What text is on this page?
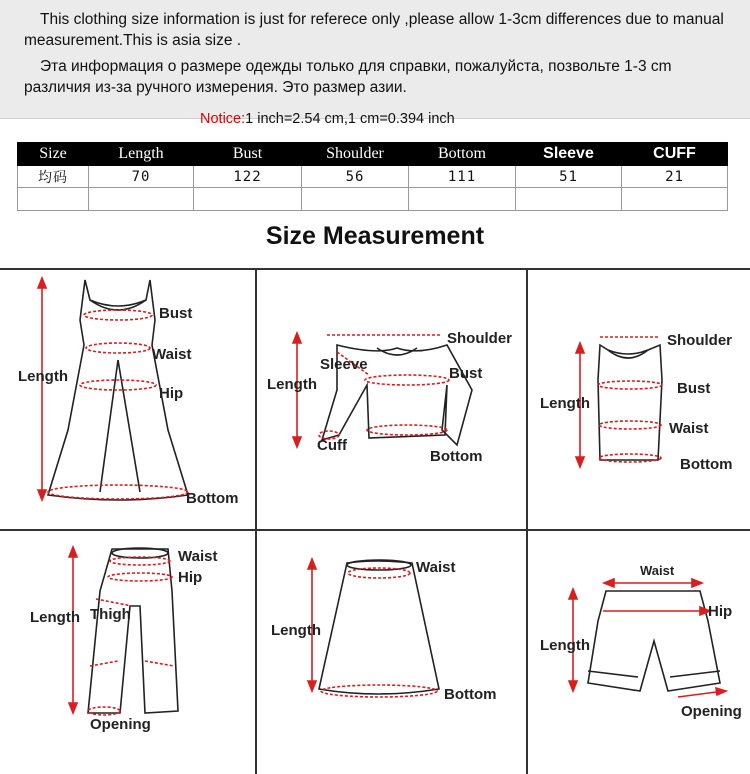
This clothing size information is just for referece only ,please allow 1-3cm differences due to manual measurement.This is asia size .
Эта информация о размере одежды только для справки, пожалуйста, позвольте 1-3 cm различия из-за ручного измерения. Это размер азии.
Notice:1 inch=2.54 cm,1 cm=0.394 inch
Size	Length	Bust	Shoulder	Bottom	Sleeve	CUFF
均码	70	122	56	111	51	21

Size Measurement
Bust
Waist
Length
Hip
Bottom
Shoulder
Sleeve
Length
Bust
Cuff
Bottom
Shoulder
Bust
Length
Waist
Bottom
Waist
Hip
Length Thigh
Opening
Waist
Length
Bottom
Waist
Hip
Length
Opening
